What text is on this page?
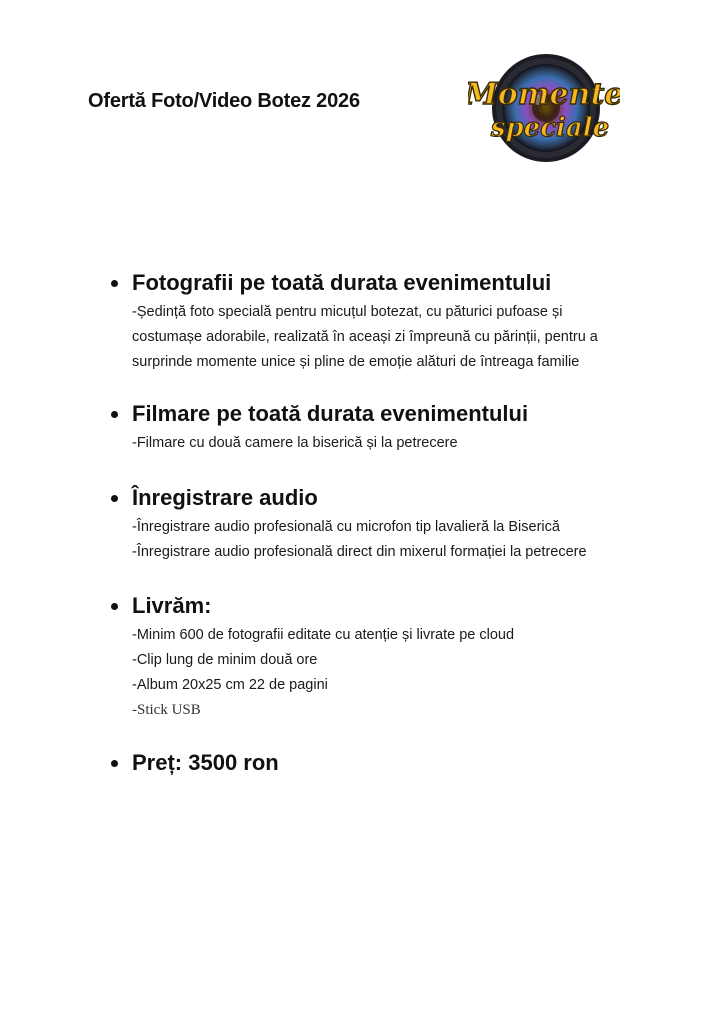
Ofertă Foto/Video Botez 2026	Momente
speciale
Fotografii pe toată durata evenimentului
-Ședință foto specială pentru micuțul botezat, cu păturici pufoase și
costumașe adorabile, realizată în aceași zi împreună cu părinții, pentru a
surprinde momente unice și pline de emoție alături de întreaga familie
Filmare pe toată durata evenimentului
-Filmare cu două camere la biserică și la petrecere
Înregistrare audio
-Înregistrare audio profesională cu microfon tip lavalieră la Biserică
-Înregistrare audio profesională direct din mixerul formației la petrecere
Livrăm:
-Minim 600 de fotografii editate cu atenție și livrate pe cloud
-Clip lung de minim două ore
-Album 20x25 cm 22 de pagini
-Stick USB
Preț: 3500 ron
